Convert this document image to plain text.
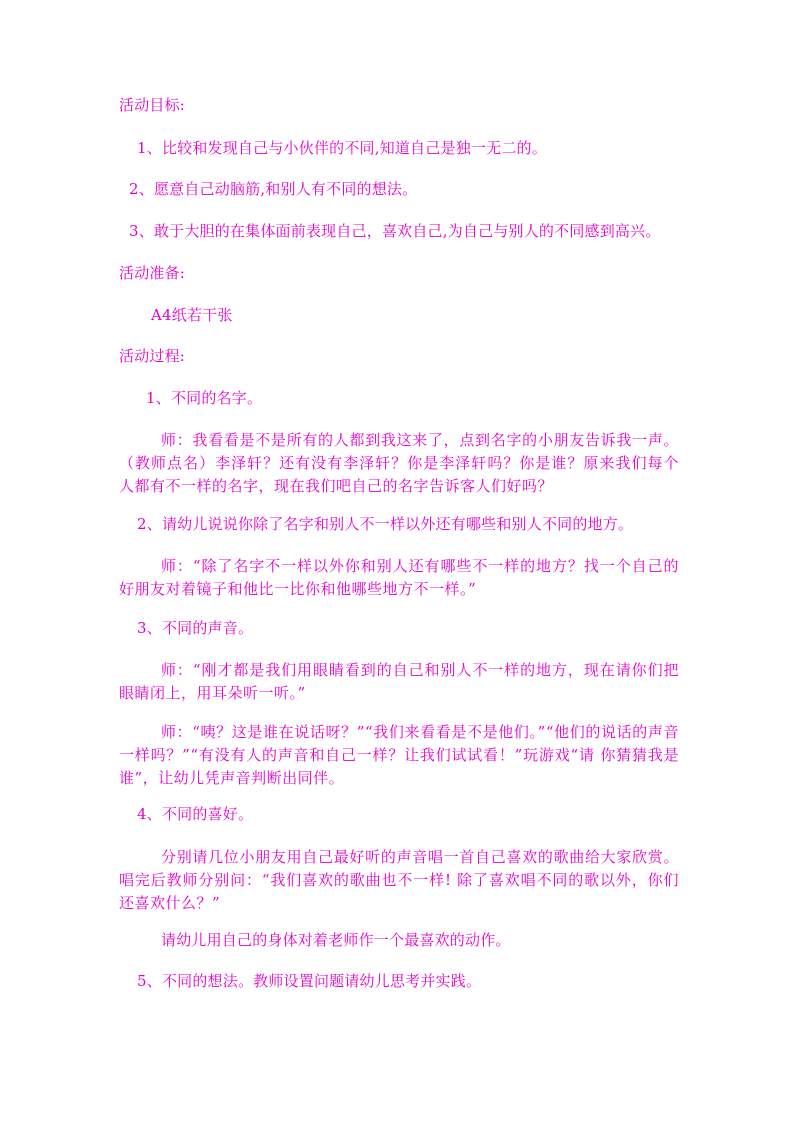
活动目标:
1、比较和发现自己与小伙伴的不同,知道自己是独一无二的。
2、愿意自己动脑筋,和别人有不同的想法。
3、敢于大胆的在集体面前表现自己，喜欢自己,为自己与别人的不同感到高兴。
活动准备:
A4纸若干张
活动过程:
1、不同的名字。
师：我看看是不是所有的人都到我这来了，点到名字的小朋友告诉我一声。（教师点名）李泽轩？还有没有李泽轩？你是李泽轩吗？你是谁？原来我们每个　　人都有不一样的名字，现在我们吧自己的名字告诉客人们好吗？
2、请幼儿说说你除了名字和别人不一样以外还有哪些和别人不同的地方。
师：“除了名字不一样以外你和别人还有哪些不一样的地方？找一个自己的好朋友对着镜子和他比一比你和他哪些地方不一样。”
3、不同的声音。
师：“刚才都是我们用眼睛看到的自己和别人不一样的地方，现在请你们把眼睛闭上，用耳朵听一听。”
师：“咦？这是谁在说话呀？”“我们来看看是不是他们。”“他们的说话的声音一样吗？”“有没有人的声音和自己一样？让我们试试看！”玩游戏“请 你猜猜我是谁”，让幼儿凭声音判断出同伴。
4、不同的喜好。
分别请几位小朋友用自己最好听的声音唱一首自己喜欢的歌曲给大家欣赏。唱完后教师分别问：“我们喜欢的歌曲也不一样! 除了喜欢唱不同的歌以外，你们还喜欢什么？”
请幼儿用自己的身体对着老师作一个最喜欢的动作。
5、不同的想法。教师设置问题请幼儿思考并实践。
